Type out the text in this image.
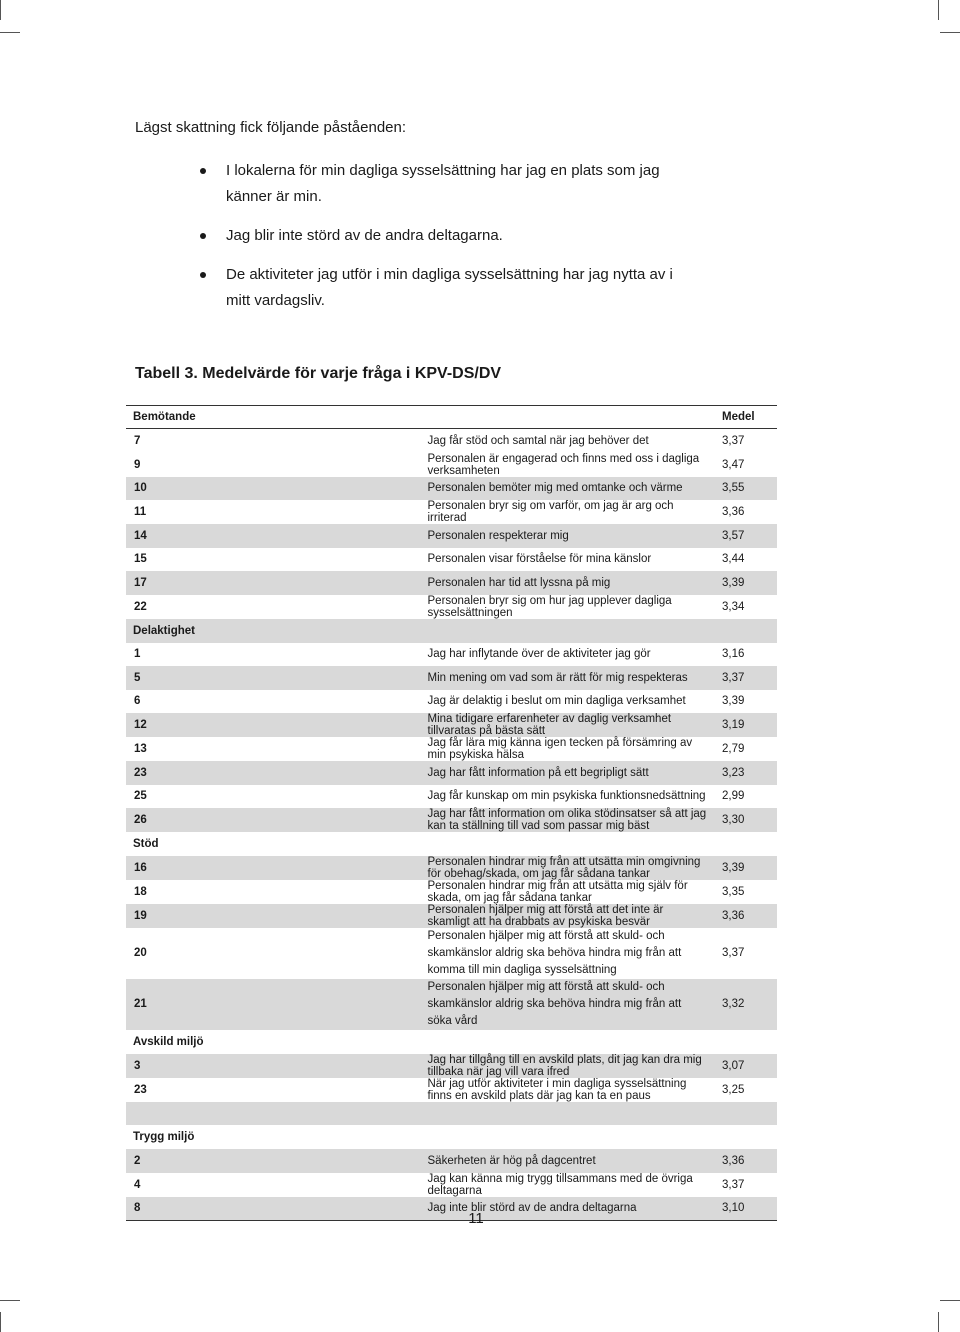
Lägst skattning fick följande påståenden:
I lokalerna för min dagliga sysselsättning har jag en plats som jag känner är min.
Jag blir inte störd av de andra deltagarna.
De aktiviteter jag utför i min dagliga sysselsättning har jag nytta av i mitt vardagsliv.
Tabell 3. Medelvärde för varje fråga i KPV-DS/DV
Bemötande		Medel
7	Jag får stöd och samtal när jag behöver det	3,37
9	Personalen är engagerad och finns med oss i dagliga verksamheten	3,47
10	Personalen bemöter mig med omtanke och värme	3,55
11	Personalen bryr sig om varför, om jag är arg och irriterad	3,36
14	Personalen respekterar mig	3,57
15	Personalen visar förståelse för mina känslor	3,44
17	Personalen har tid att lyssna på mig	3,39
22	Personalen bryr sig om hur jag upplever dagliga sysselsättningen	3,34
Delaktighet		
1	Jag har inflytande över de aktiviteter jag gör	3,16
5	Min mening om vad som är rätt för mig respekteras	3,37
6	Jag är delaktig i beslut om min dagliga verksamhet	3,39
12	Mina tidigare erfarenheter av daglig verksamhet tillvaratas på bästa sätt	3,19
13	Jag får lära mig känna igen tecken på försämring av min psykiska hälsa	2,79
23	Jag har fått information på ett begripligt sätt	3,23
25	Jag får kunskap om min psykiska funktionsnedsättning	2,99
26	Jag har fått information om olika stödinsatser så att jag kan ta ställning till vad som passar mig bäst	3,30
Stöd		
16	Personalen hindrar mig från att utsätta min omgivning för obehag/skada, om jag får sådana tankar	3,39
18	Personalen hindrar mig från att utsätta mig själv för skada, om jag får sådana tankar	3,35
19	Personalen hjälper mig att förstå att det inte är skamligt att ha drabbats av psykiska besvär	3,36
20	Personalen hjälper mig att förstå att skuld- och skamkänslor aldrig ska behöva hindra mig från att komma till min dagliga sysselsättning	3,37
21	Personalen hjälper mig att förstå att skuld- och skamkänslor aldrig ska behöva hindra mig från att söka vård	3,32
Avskild miljö		
3	Jag har tillgång till en avskild plats, dit jag kan dra mig tillbaka när jag vill vara ifred	3,07
23	När jag utför aktiviteter i min dagliga sysselsättning finns en avskild plats där jag kan ta en paus	3,25

Trygg miljö		
2	Säkerheten är hög på dagcentret	3,36
4	Jag kan känna mig trygg tillsammans med de övriga deltagarna	3,37
8	Jag inte blir störd av de andra deltagarna	3,10
11
